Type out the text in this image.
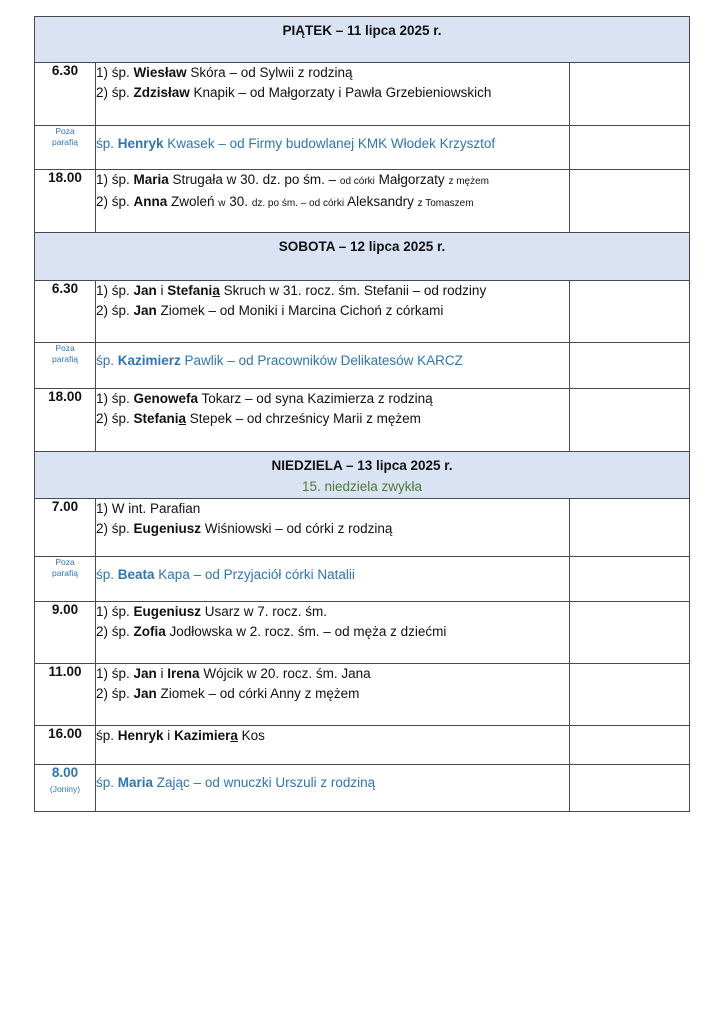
PIĄTEK – 11 lipca 2025 r.		

6.30	1) śp. Wiesław Skóra – od Sylwii z rodziną
2) śp. Zdzisław Knapik – od Małgorzaty i Pawła Grzebieniowskich	

Poza
parafią	śp. Henryk Kwasek – od Firmy budowlanej KMK Włodek Krzysztof	

18.00	1) śp. Maria Strugała w 30. dz. po śm. – od córki Małgorzaty z mężem
2) śp. Anna Zwoleń w 30. dz. po śm. – od córki Aleksandry z Tomaszem	

SOBOTA – 12 lipca 2025 r.		

6.30	1) śp. Jan i Stefania Skruch w 31. rocz. śm. Stefanii – od rodziny
2) śp. Jan Ziomek – od Moniki i Marcina Cichoń z córkami	

Poza
parafią	śp. Kazimierz Pawlik – od Pracowników Delikatesów KARCZ	

18.00	1) śp. Genowefa Tokarz – od syna Kazimierza z rodziną
2) śp. Stefania Stepek – od chrześnicy Marii z mężem	

NIEDZIELA – 13 lipca 2025 r.
15. niedziela zwykła		

7.00	1) W int. Parafian
2) śp. Eugeniusz Wiśniowski – od córki z rodziną	

Poza
parafią	śp. Beata Kapa – od Przyjaciół córki Natalii	

9.00	1) śp. Eugeniusz Usarz w 7. rocz. śm.
2) śp. Zofia Jodłowska w 2. rocz. śm. – od męża z dziećmi	

11.00	1) śp. Jan i Irena Wójcik w 20. rocz. śm. Jana
2) śp. Jan Ziomek – od córki Anny z mężem	

16.00	śp. Henryk i Kazimiera Kos	

8.00
(Joniny)	śp. Maria Zając – od wnuczki Urszuli z rodziną	
